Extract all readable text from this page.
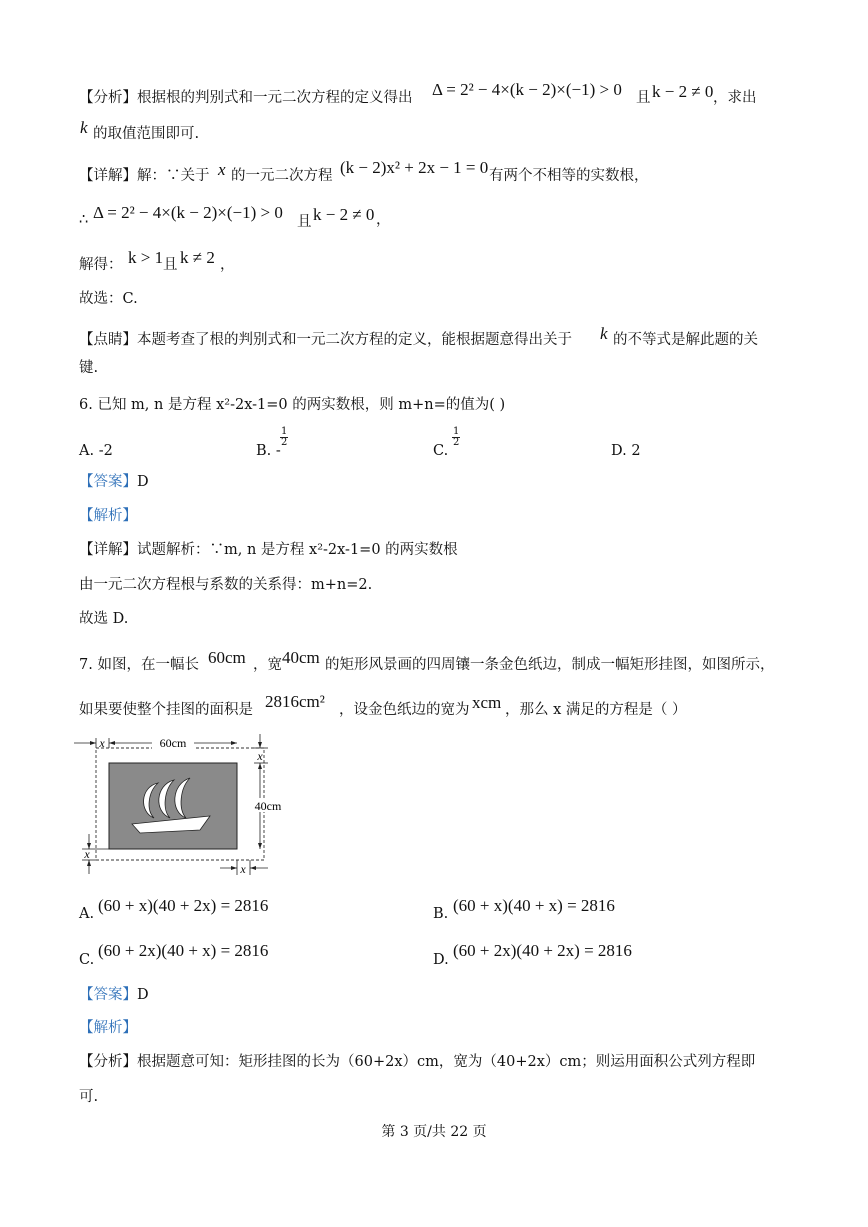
【分析】根据根的判别式和一元二次方程的定义得出 Δ = 2² − 4×(k − 2)×(−1) > 0 且 k − 2 ≠ 0 ，求出
k 的取值范围即可.
【详解】解：∵关于 x 的一元二次方程 (k − 2)x² + 2x − 1 = 0 有两个不相等的实数根，
∴ Δ = 2² − 4×(k − 2)×(−1) > 0 且 k − 2 ≠ 0 ，
解得： k > 1 且 k ≠ 2 ，
故选：C.
【点睛】本题考查了根的判别式和一元二次方程的定义，能根据题意得出关于 k 的不等式是解此题的关
键.
6. 已知 m, n 是方程 x²-2x-1=0 的两实数根，则 m+n=的值为( )
A. -2	B. -
$\frac{1}{2}$
C.
$\frac{1}{2}$
D. 2
【答案】D
【解析】
【详解】试题解析：∵m, n 是方程 x²-2x-1=0 的两实数根
由一元二次方程根与系数的关系得：m+n=2.
故选 D.
7. 如图，在一幅长 60cm ，宽 40cm 的矩形风景画的四周镶一条金色纸边，制成一幅矩形挂图，如图所示，
如果要使整个挂图的面积是 2816cm² ，设金色纸边的宽为 xcm ，那么 x 满足的方程是（ ）
60cm
x
x
40cm
x
x
A. (60 + x)(40 + 2x) = 2816	B. (60 + x)(40 + x) = 2816
C. (60 + 2x)(40 + x) = 2816	D. (60 + 2x)(40 + 2x) = 2816
【答案】D
【解析】
【分析】根据题意可知：矩形挂图的长为（60+2x）cm，宽为（40+2x）cm；则运用面积公式列方程即
可.
第 3 页/共 22 页
